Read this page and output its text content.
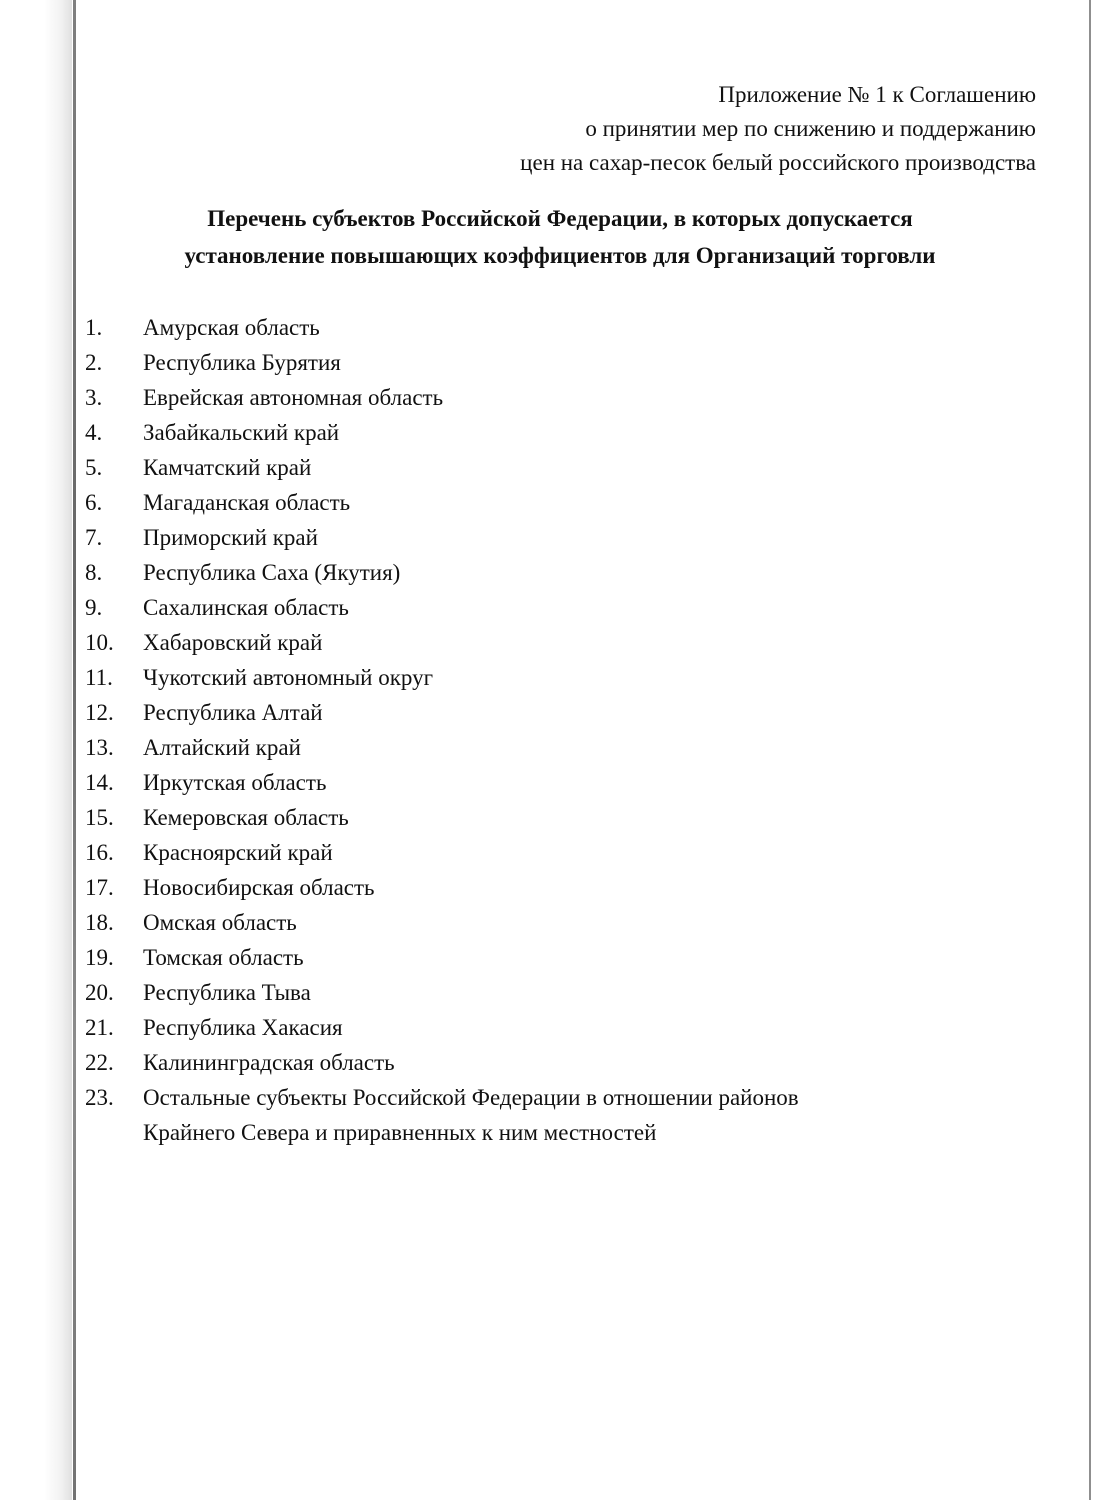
Приложение № 1 к Соглашению
о принятии мер по снижению и поддержанию
цен на сахар-песок белый российского производства
Перечень субъектов Российской Федерации, в которых допускается
установление повышающих коэффициентов для Организаций торговли
1.	Амурская область
2.	Республика Бурятия
3.	Еврейская автономная область
4.	Забайкальский край
5.	Камчатский край
6.	Магаданская область
7.	Приморский край
8.	Республика Саха (Якутия)
9.	Сахалинская область
10.	Хабаровский край
11.	Чукотский автономный округ
12.	Республика Алтай
13.	Алтайский край
14.	Иркутская область
15.	Кемеровская область
16.	Красноярский край
17.	Новосибирская область
18.	Омская область
19.	Томская область
20.	Республика Тыва
21.	Республика Хакасия
22.	Калининградская область
23.	Остальные субъекты Российской Федерации в отношении районов
Крайнего Севера и приравненных к ним местностей
